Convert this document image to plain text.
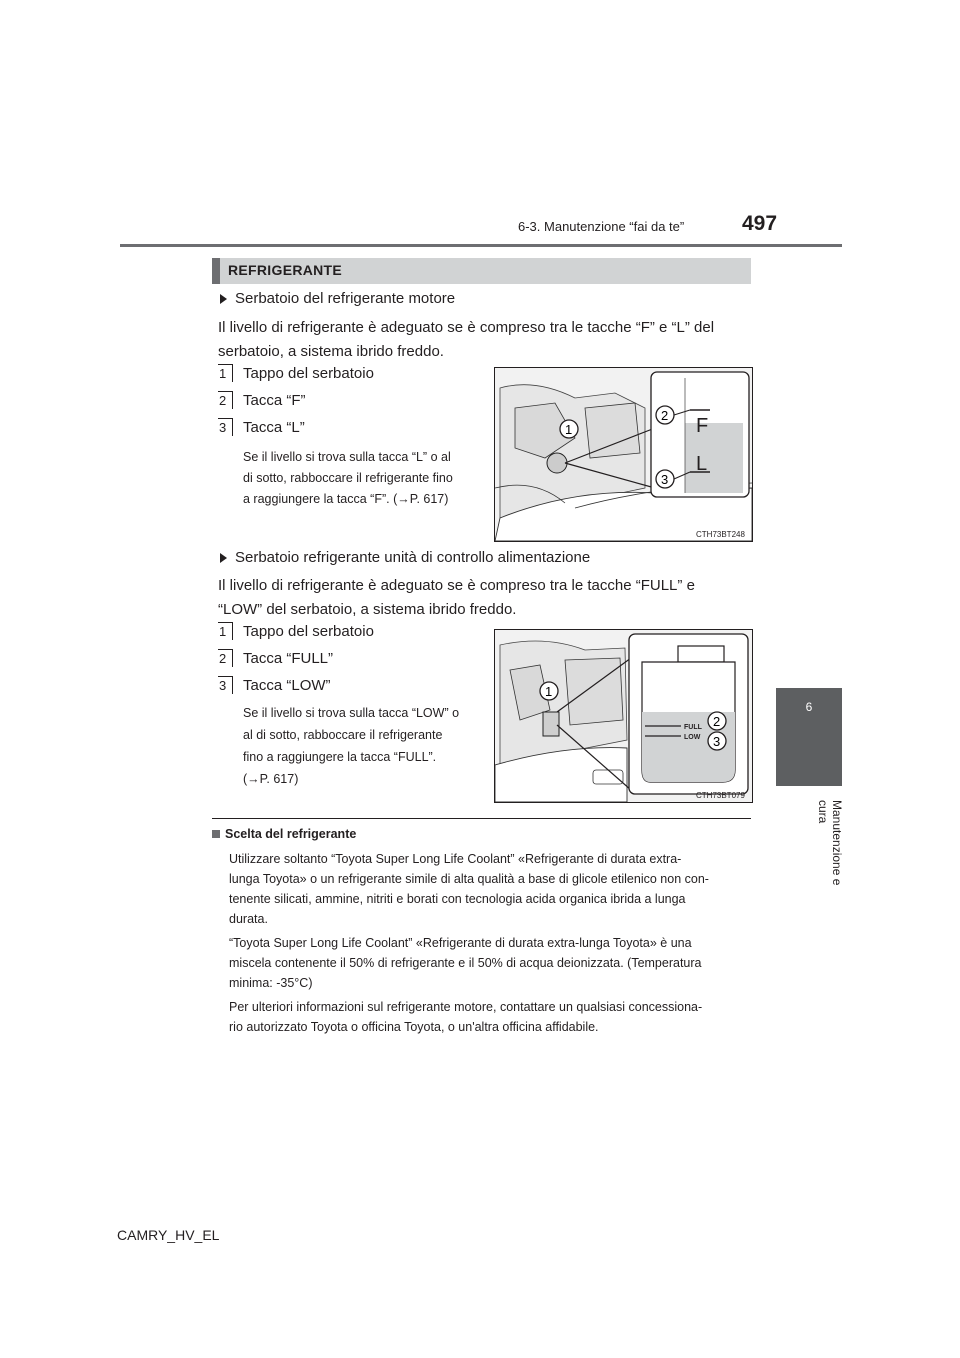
6-3. Manutenzione “fai da te”	497
6
Manutenzione e cura
REFRIGERANTE
Serbatoio del refrigerante motore
Il livello di refrigerante è adeguato se è compreso tra le tacche “F” e “L” del
serbatoio, a sistema ibrido freddo.
1	Tappo del serbatoio
2	Tacca “F”
3	Tacca “L”
Se il livello si trova sulla tacca “L” o al
di sotto, rabboccare il refrigerante fino
a raggiungere la tacca “F”. (→P. 617)
F
L
1
2
3
CTH73BT248
Serbatoio refrigerante unità di controllo alimentazione
Il livello di refrigerante è adeguato se è compreso tra le tacche “FULL” e
“LOW” del serbatoio, a sistema ibrido freddo.
1	Tappo del serbatoio
2	Tacca “FULL”
3	Tacca “LOW”
Se il livello si trova sulla tacca “LOW” o
al di sotto, rabboccare il refrigerante
fino a raggiungere la tacca “FULL”.
(→P. 617)
FULL
LOW
1
2
3
CTH73BT079
Scelta del refrigerante
Utilizzare soltanto “Toyota Super Long Life Coolant” «Refrigerante di durata extra-
lunga Toyota» o un refrigerante simile di alta qualità a base di glicole etilenico non con-
tenente silicati, ammine, nitriti e borati con tecnologia acida organica ibrida a lunga
durata.
“Toyota Super Long Life Coolant” «Refrigerante di durata extra-lunga Toyota» è una
miscela contenente il 50% di refrigerante e il 50% di acqua deionizzata. (Temperatura
minima: -35°C)
Per ulteriori informazioni sul refrigerante motore, contattare un qualsiasi concessiona-
rio autorizzato Toyota o officina Toyota, o un'altra officina affidabile.
CAMRY_HV_EL
